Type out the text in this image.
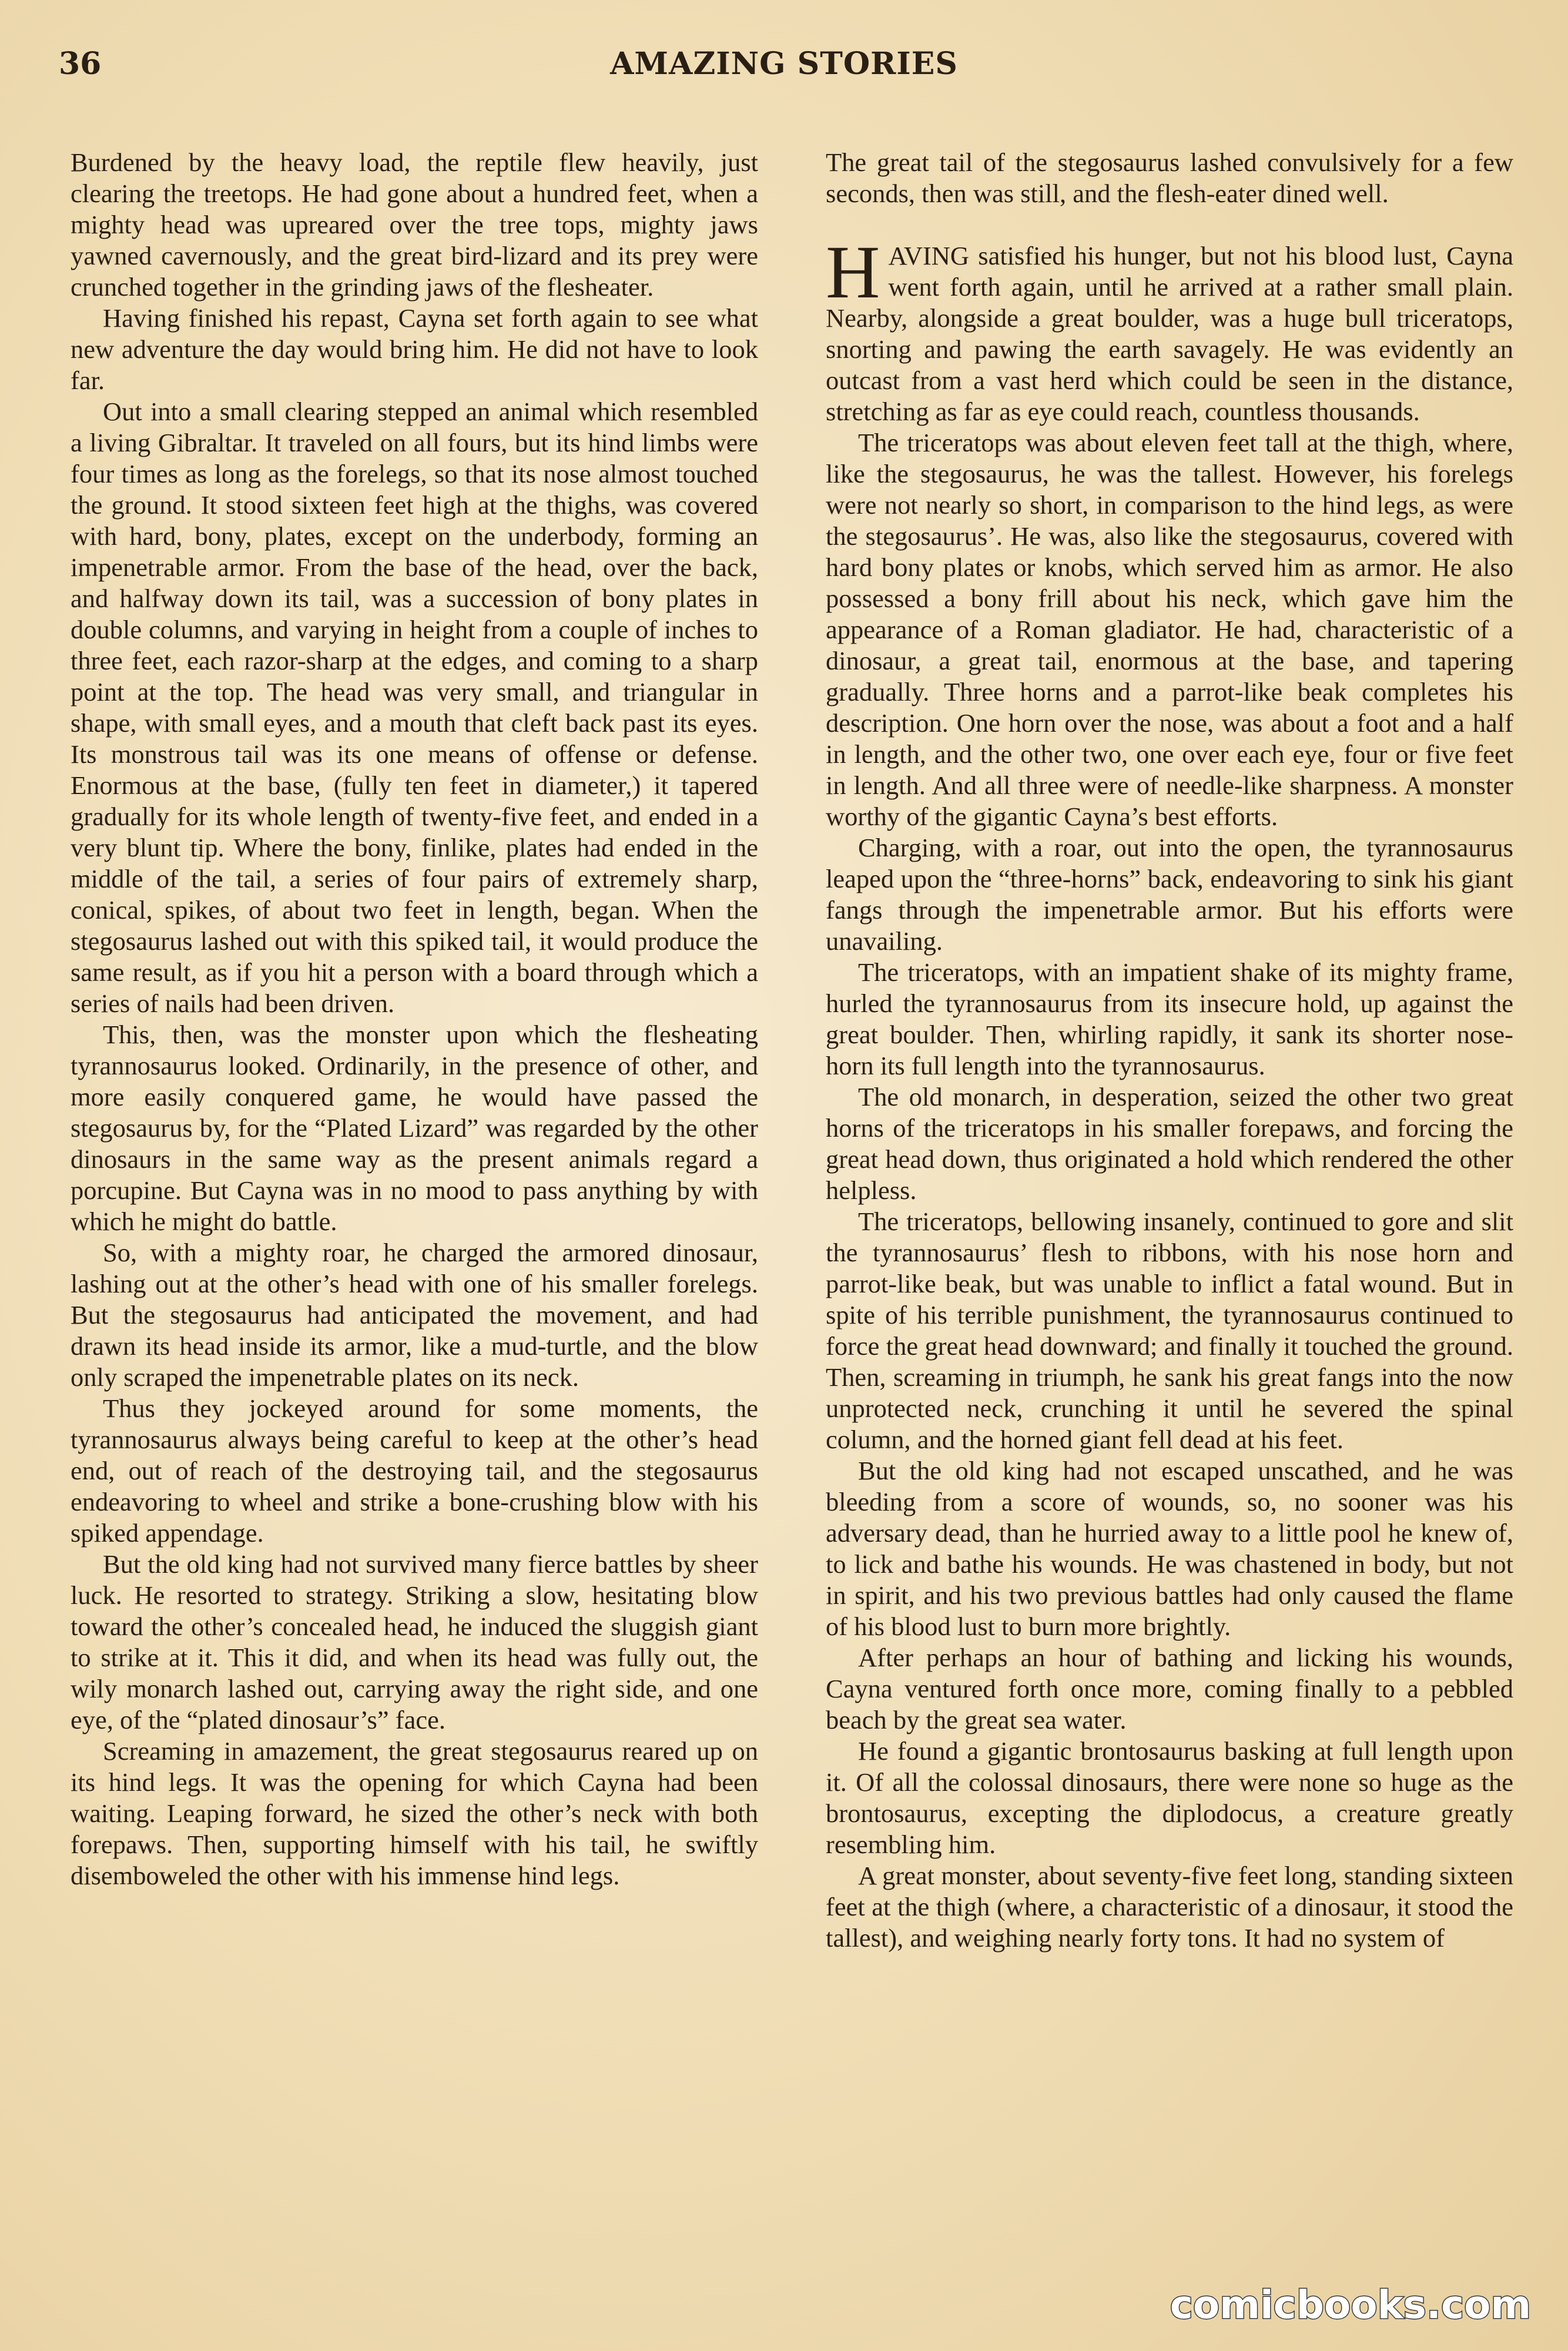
36	AMAZING STORIES

Burdened by the heavy load, the reptile flew heavily, just clearing the treetops. He had gone about a hundred feet, when a mighty head was upreared over the tree tops, mighty jaws yawned cavernously, and the great bird-lizard and its prey were crunched together in the grinding jaws of the flesheater.

Having finished his repast, Cayna set forth again to see what new adventure the day would bring him. He did not have to look far.

Out into a small clearing stepped an animal which resembled a living Gibraltar. It traveled on all fours, but its hind limbs were four times as long as the forelegs, so that its nose almost touched the ground. It stood sixteen feet high at the thighs, was covered with hard, bony, plates, except on the underbody, forming an impenetrable armor. From the base of the head, over the back, and halfway down its tail, was a succession of bony plates in double columns, and varying in height from a couple of inches to three feet, each razor-sharp at the edges, and coming to a sharp point at the top. The head was very small, and triangular in shape, with small eyes, and a mouth that cleft back past its eyes. Its monstrous tail was its one means of offense or defense. Enormous at the base, (fully ten feet in diameter,) it tapered gradually for its whole length of twenty-five feet, and ended in a very blunt tip. Where the bony, finlike, plates had ended in the middle of the tail, a series of four pairs of extremely sharp, conical, spikes, of about two feet in length, began. When the stegosaurus lashed out with this spiked tail, it would produce the same result, as if you hit a person with a board through which a series of nails had been driven.

This, then, was the monster upon which the flesheating tyrannosaurus looked. Ordinarily, in the presence of other, and more easily conquered game, he would have passed the stegosaurus by, for the “Plated Lizard” was regarded by the other dinosaurs in the same way as the present animals regard a porcupine. But Cayna was in no mood to pass anything by with which he might do battle.

So, with a mighty roar, he charged the armored dinosaur, lashing out at the other’s head with one of his smaller forelegs. But the stegosaurus had anticipated the movement, and had drawn its head inside its armor, like a mud-turtle, and the blow only scraped the impenetrable plates on its neck.

Thus they jockeyed around for some moments, the tyrannosaurus always being careful to keep at the other’s head end, out of reach of the destroying tail, and the stegosaurus endeavoring to wheel and strike a bone-crushing blow with his spiked appendage.

But the old king had not survived many fierce battles by sheer luck. He resorted to strategy. Striking a slow, hesitating blow toward the other’s concealed head, he induced the sluggish giant to strike at it. This it did, and when its head was fully out, the wily monarch lashed out, carrying away the right side, and one eye, of the “plated dinosaur’s” face.

Screaming in amazement, the great stegosaurus reared up on its hind legs. It was the opening for which Cayna had been waiting. Leaping forward, he sized the other’s neck with both forepaws. Then, supporting himself with his tail, he swiftly disemboweled the other with his immense hind legs.

The great tail of the stegosaurus lashed convulsively for a few seconds, then was still, and the flesh-eater dined well.

HAVING satisfied his hunger, but not his blood lust, Cayna went forth again, until he arrived at a rather small plain. Nearby, alongside a great boulder, was a huge bull triceratops, snorting and pawing the earth savagely. He was evidently an outcast from a vast herd which could be seen in the distance, stretching as far as eye could reach, countless thousands.

The triceratops was about eleven feet tall at the thigh, where, like the stegosaurus, he was the tallest. However, his forelegs were not nearly so short, in comparison to the hind legs, as were the stegosaurus’. He was, also like the stegosaurus, covered with hard bony plates or knobs, which served him as armor. He also possessed a bony frill about his neck, which gave him the appearance of a Roman gladiator. He had, characteristic of a dinosaur, a great tail, enormous at the base, and tapering gradually. Three horns and a parrot-like beak completes his description. One horn over the nose, was about a foot and a half in length, and the other two, one over each eye, four or five feet in length. And all three were of needle-like sharpness. A monster worthy of the gigantic Cayna’s best efforts.

Charging, with a roar, out into the open, the tyrannosaurus leaped upon the “three-horns” back, endeavoring to sink his giant fangs through the impenetrable armor. But his efforts were unavailing.

The triceratops, with an impatient shake of its mighty frame, hurled the tyrannosaurus from its insecure hold, up against the great boulder. Then, whirling rapidly, it sank its shorter nose-horn its full length into the tyrannosaurus.

The old monarch, in desperation, seized the other two great horns of the triceratops in his smaller forepaws, and forcing the great head down, thus originated a hold which rendered the other helpless.

The triceratops, bellowing insanely, continued to gore and slit the tyrannosaurus’ flesh to ribbons, with his nose horn and parrot-like beak, but was unable to inflict a fatal wound. But in spite of his terrible punishment, the tyrannosaurus continued to force the great head downward; and finally it touched the ground. Then, screaming in triumph, he sank his great fangs into the now unprotected neck, crunching it until he severed the spinal column, and the horned giant fell dead at his feet.

But the old king had not escaped unscathed, and he was bleeding from a score of wounds, so, no sooner was his adversary dead, than he hurried away to a little pool he knew of, to lick and bathe his wounds. He was chastened in body, but not in spirit, and his two previous battles had only caused the flame of his blood lust to burn more brightly.

After perhaps an hour of bathing and licking his wounds, Cayna ventured forth once more, coming finally to a pebbled beach by the great sea water.

He found a gigantic brontosaurus basking at full length upon it. Of all the colossal dinosaurs, there were none so huge as the brontosaurus, excepting the diplodocus, a creature greatly resembling him.

A great monster, about seventy-five feet long, standing sixteen feet at the thigh (where, a characteristic of a dinosaur, it stood the tallest), and weighing nearly forty tons. It had no system of

comicbooks.com
